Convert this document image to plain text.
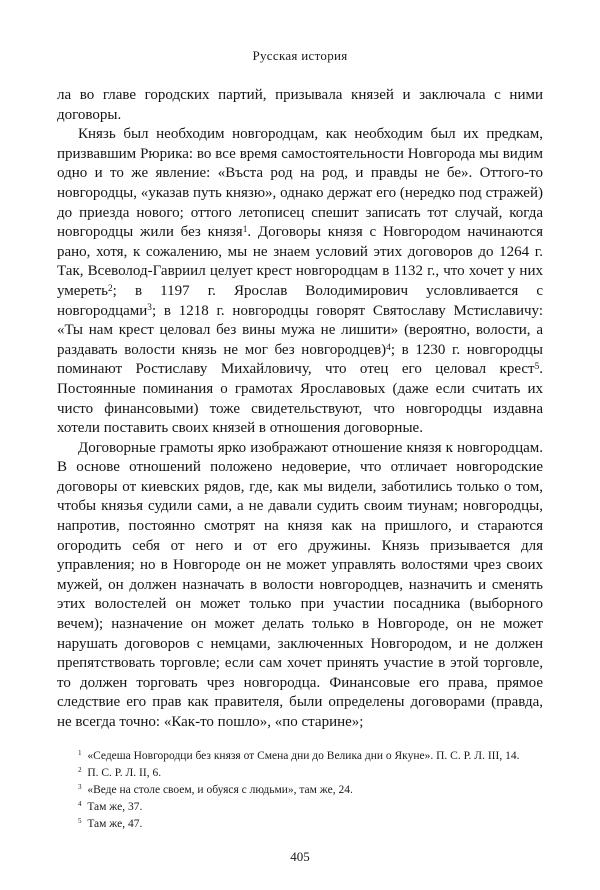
Русская история

ла во главе городских партий, призывала князей и заключала с ними договоры.

Князь был необходим новгородцам, как необходим был их предкам, призвавшим Рюрика: во все время самостоятельности Новгорода мы видим одно и то же явление: «Въста род на род, и правды не бе». Оттого-то новгородцы, «указав путь князю», однако держат его (нередко под стражей) до приезда нового; оттого летописец спешит записать тот случай, когда новгородцы жили без князя$^1$. Договоры князя с Новгородом начинаются рано, хотя, к сожалению, мы не знаем условий этих договоров до 1264 г. Так, Всеволод-Гавриил целует крест новгородцам в 1132 г., что хочет у них умереть$^2$; в 1197 г. Ярослав Володимирович условливается с новгородцами$^3$; в 1218 г. новгородцы говорят Святославу Мстиславичу: «Ты нам крест целовал без вины мужа не лишити» (вероятно, волости, а раздавать волости князь не мог без новгородцев)$^4$; в 1230 г. новгородцы поминают Ростиславу Михайловичу, что отец его целовал крест$^5$. Постоянные поминания о грамотах Ярославовых (даже если считать их чисто финансовыми) тоже свидетельствуют, что новгородцы издавна хотели поставить своих князей в отношения договорные.

Договорные грамоты ярко изображают отношение князя к новгородцам. В основе отношений положено недоверие, что отличает новгородские договоры от киевских рядов, где, как мы видели, заботились только о том, чтобы князья судили сами, а не давали судить своим тиунам; новгородцы, напротив, постоянно смотрят на князя как на пришлого, и стараются огородить себя от него и от его дружины. Князь призывается для управления; но в Новгороде он не может управлять волостями чрез своих мужей, он должен назначать в волости новгородцев, назначить и сменять этих волостелей он может только при участии посадника (выборного вечем); назначение он может делать только в Новгороде, он не может нарушать договоров с немцами, заключенных Новгородом, и не должен препятствовать торговле; если сам хочет принять участие в этой торговле, то должен торговать чрез новгородца. Финансовые его права, прямое следствие его прав как правителя, были определены договорами (правда, не всегда точно: «Как-то пошло», «по старине»;

$^1$  «Седеша Новгородци без князя от Смена дни до Велика дни о Якуне». П. С. Р. Л. III, 14.
$^2$  П. С. Р. Л. II, 6.
$^3$  «Веде на столе своем, и обуяся с людьми», там же, 24.
$^4$  Там же, 37.
$^5$  Там же, 47.
405
